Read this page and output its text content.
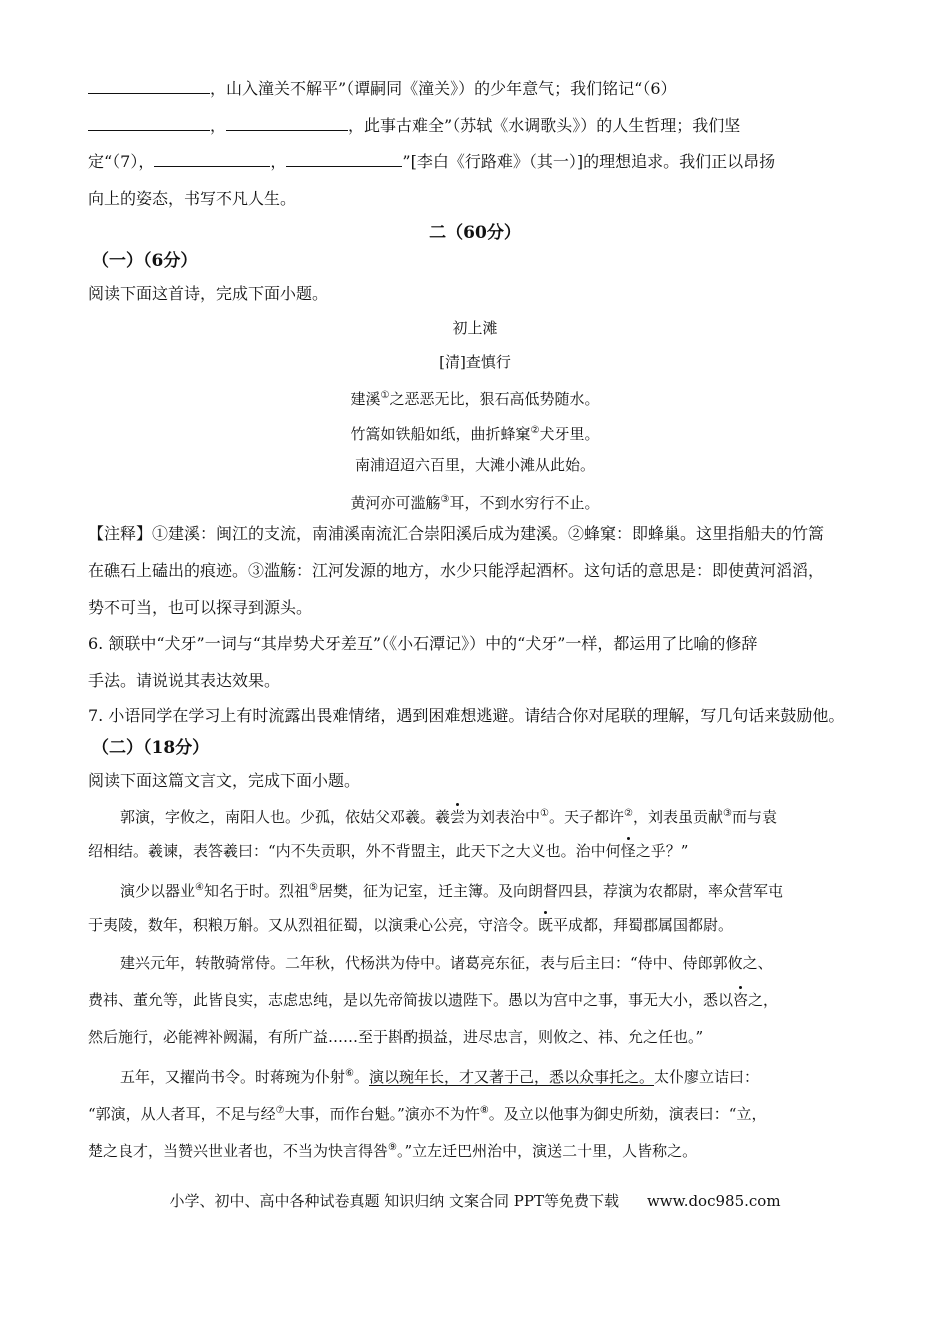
，山入潼关不解平”（谭嗣同《潼关》）的少年意气；我们铭记“（6）
，	，此事古难全”（苏轼《水调歌头》）的人生哲理；我们坚
定“（7），	，	”[李白《行路难》（其一）]的理想追求。我们正以昂扬
向上的姿态，书写不凡人生。
二（60分）
（一）（6分）
阅读下面这首诗，完成下面小题。
初上滩
[清]查慎行
建溪①之恶恶无比，狠石高低势随水。
竹篙如铁船如纸，曲折蜂窠②犬牙里。
南浦迢迢六百里，大滩小滩从此始。
黄河亦可滥觞③耳，不到水穷行不止。
【注释】①建溪：闽江的支流，南浦溪南流汇合崇阳溪后成为建溪。②蜂窠：即蜂巢。这里指船夫的竹篙
在礁石上磕出的痕迹。③滥觞：江河发源的地方，水少只能浮起酒杯。这句话的意思是：即使黄河滔滔，
势不可当，也可以探寻到源头。
6. 颔联中“犬牙”一词与“其岸势犬牙差互”（《小石潭记》）中的“犬牙”一样，都运用了比喻的修辞
手法。请说说其表达效果。
7. 小语同学在学习上有时流露出畏难情绪，遇到困难想逃避。请结合你对尾联的理解，写几句话来鼓励他。
（二）（18分）
阅读下面这篇文言文，完成下面小题。
郭演，字攸之，南阳人也。少孤，依姑父邓羲。羲尝为刘表治中①。天子都许②，刘表虽贡献③而与袁
绍相结。羲谏，表答羲曰：“内不失贡职，外不背盟主，此天下之大义也。治中何怪之乎？”
演少以器业④知名于时。烈祖⑤居樊，征为记室，迁主簿。及向朗督四县，荐演为农都尉，率众营军屯
于夷陵，数年，积粮万斛。又从烈祖征蜀，以演秉心公亮，守涪令。既平成都，拜蜀郡属国都尉。
建兴元年，转散骑常侍。二年秋，代杨洪为侍中。诸葛亮东征，表与后主曰：“侍中、侍郎郭攸之、
费祎、董允等，此皆良实，志虑忠纯，是以先帝简拔以遗陛下。愚以为宫中之事，事无大小，悉以咨之，
然后施行，必能裨补阙漏，有所广益……至于斟酌损益，进尽忠言，则攸之、祎、允之任也。”
五年，又擢尚书令。时蒋琬为仆射⑥。演以琬年长，才又著于己，悉以众事托之。太仆廖立诘曰：
“郭演，从人者耳，不足与经⑦大事，而作台魁。”演亦不为忤⑧。及立以他事为御史所劾，演表曰：“立，
楚之良才，当赞兴世业者也，不当为快言得咎⑨。”立左迁巴州治中，演送二十里，人皆称之。
小学、初中、高中各种试卷真题 知识归纳 文案合同 PPT等免费下载 www.doc985.com
